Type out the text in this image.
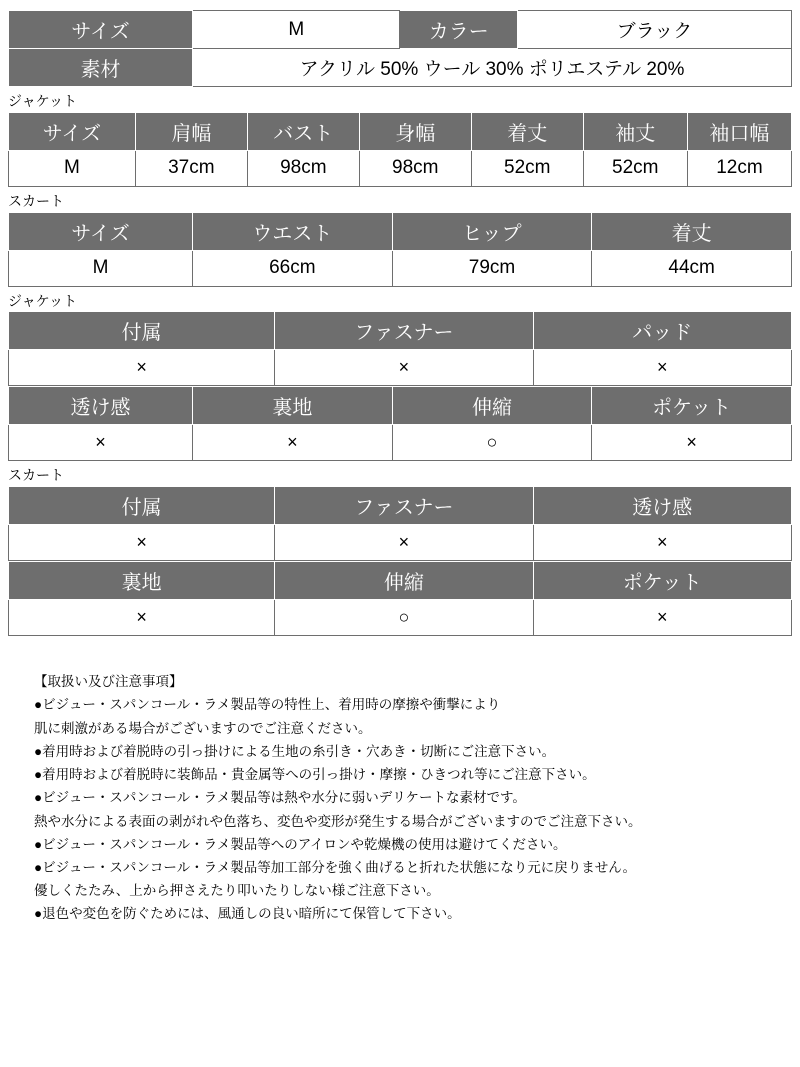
サイズ	M	カラー	ブラック
素材	アクリル 50% ウール 30% ポリエステル 20%		
ジャケット
サイズ	肩幅	バスト	身幅	着丈	袖丈	袖口幅
M	37cm	98cm	98cm	52cm	52cm	12cm
スカート
サイズ	ウエスト	ヒップ	着丈
M	66cm	79cm	44cm
ジャケット
付属	ファスナー	パッド
×	×	×
透け感	裏地	伸縮	ポケット
×	×	○	×
スカート
付属	ファスナー	透け感
×	×	×
裏地	伸縮	ポケット
×	○	×
【取扱い及び注意事項】
●ビジュー・スパンコール・ラメ製品等の特性上、着用時の摩擦や衝撃により
肌に刺激がある場合がございますのでご注意ください。
●着用時および着脱時の引っ掛けによる生地の糸引き・穴あき・切断にご注意下さい。
●着用時および着脱時に装飾品・貴金属等への引っ掛け・摩擦・ひきつれ等にご注意下さい。
●ビジュー・スパンコール・ラメ製品等は熱や水分に弱いデリケートな素材です。
熱や水分による表面の剥がれや色落ち、変色や変形が発生する場合がございますのでご注意下さい。
●ビジュー・スパンコール・ラメ製品等へのアイロンや乾燥機の使用は避けてください。
●ビジュー・スパンコール・ラメ製品等加工部分を強く曲げると折れた状態になり元に戻りません。
優しくたたみ、上から押さえたり叩いたりしない様ご注意下さい。
●退色や変色を防ぐためには、風通しの良い暗所にて保管して下さい。
